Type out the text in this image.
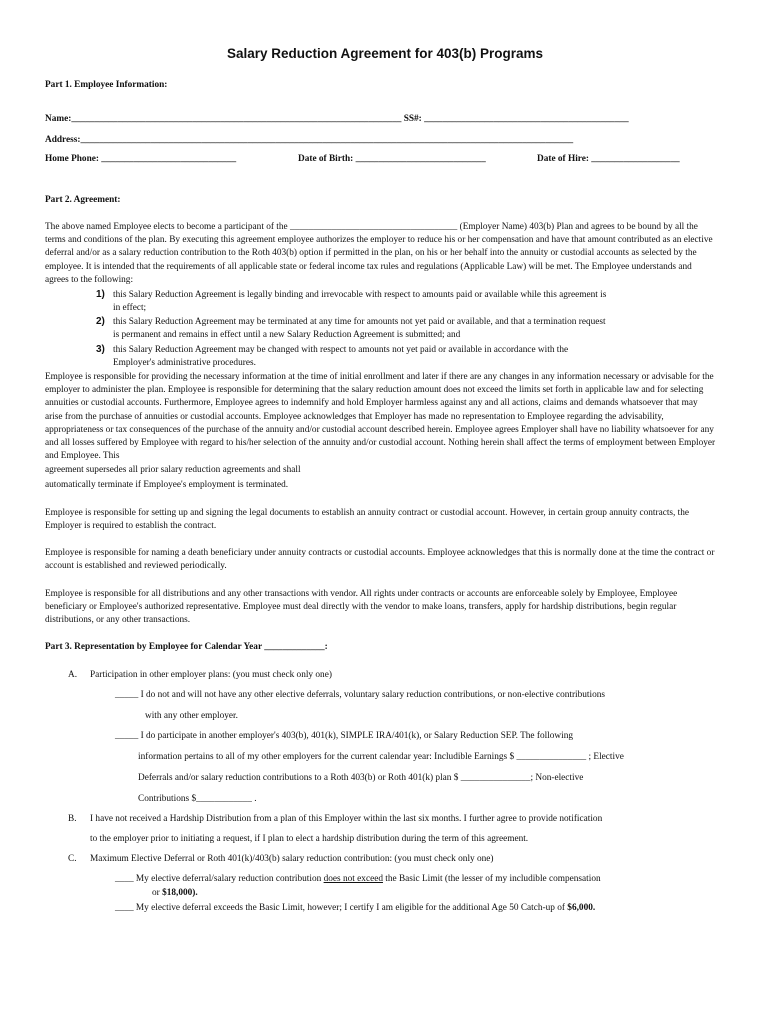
Salary Reduction Agreement for 403(b) Programs
Part 1. Employee Information:
Name:_______________________________________________________________________ SS#: ____________________________________________
Address:__________________________________________________________________________________________________________
Home Phone: _____________________________	Date of Birth: ____________________________	Date of Hire: ___________________
Part 2. Agreement:
The above named Employee elects to become a participant of the ____________________________________ (Employer Name) 403(b) Plan and agrees to be bound by all the terms and conditions of the plan. By executing this agreement employee authorizes the employer to reduce his or her compensation and have that amount contributed as an elective deferral and/or as a salary reduction contribution to the Roth 403(b) option if permitted in the plan, on his or her behalf into the annuity or custodial accounts as selected by the employee. It is intended that the requirements of all applicable state or federal income tax rules and regulations (Applicable Law) will be met. The Employee understands and agrees to the following:
1) this Salary Reduction Agreement is legally binding and irrevocable with respect to amounts paid or available while this agreement is
in effect;
2) this Salary Reduction Agreement may be terminated at any time for amounts not yet paid or available, and that a termination request
is permanent and remains in effect until a new Salary Reduction Agreement is submitted; and
3) this Salary Reduction Agreement may be changed with respect to amounts not yet paid or available in accordance with the
Employer's administrative procedures.
Employee is responsible for providing the necessary information at the time of initial enrollment and later if there are any changes in any information necessary or advisable for the employer to administer the plan. Employee is responsible for determining that the salary reduction amount does not exceed the limits set forth in applicable law and for selecting annuities or custodial accounts. Furthermore, Employee agrees to indemnify and hold Employer harmless against any and all actions, claims and demands whatsoever that may arise from the purchase of annuities or custodial accounts. Employee acknowledges that Employer has made no representation to Employee regarding the advisability, appropriateness or tax consequences of the purchase of the annuity and/or custodial account described herein. Employee agrees Employer shall have no liability whatsoever for any and all losses suffered by Employee with regard to his/her selection of the annuity and/or custodial account. Nothing herein shall affect the terms of employment between Employer and Employee. This
agreement supersedes all prior salary reduction agreements and shall
automatically terminate if Employee's employment is terminated.
Employee is responsible for setting up and signing the legal documents to establish an annuity contract or custodial account. However, in certain group annuity contracts, the Employer is required to establish the contract.
Employee is responsible for naming a death beneficiary under annuity contracts or custodial accounts. Employee acknowledges that this is normally done at the time the contract or account is established and reviewed periodically.
Employee is responsible for all distributions and any other transactions with vendor. All rights under contracts or accounts are enforceable solely by Employee, Employee beneficiary or Employee's authorized representative. Employee must deal directly with the vendor to make loans, transfers, apply for hardship distributions, begin regular distributions, or any other transactions.
Part 3. Representation by Employee for Calendar Year _____________:
A. Participation in other employer plans: (you must check only one)
_____ I do not and will not have any other elective deferrals, voluntary salary reduction contributions, or non-elective contributions
with any other employer.
_____ I do participate in another employer's 403(b), 401(k), SIMPLE IRA/401(k), or Salary Reduction SEP. The following
information pertains to all of my other employers for the current calendar year: Includible Earnings $ _______________ ; Elective
Deferrals and/or salary reduction contributions to a Roth 403(b) or Roth 401(k) plan $ _______________; Non-elective
Contributions $____________ .
B. I have not received a Hardship Distribution from a plan of this Employer within the last six months. I further agree to provide notification
to the employer prior to initiating a request, if I plan to elect a hardship distribution during the term of this agreement.
C. Maximum Elective Deferral or Roth 401(k)/403(b) salary reduction contribution: (you must check only one)
____ My elective deferral/salary reduction contribution does not exceed the Basic Limit (the lesser of my includible compensation
or $18,000).
____ My elective deferral exceeds the Basic Limit, however; I certify I am eligible for the additional Age 50 Catch-up of $6,000.
